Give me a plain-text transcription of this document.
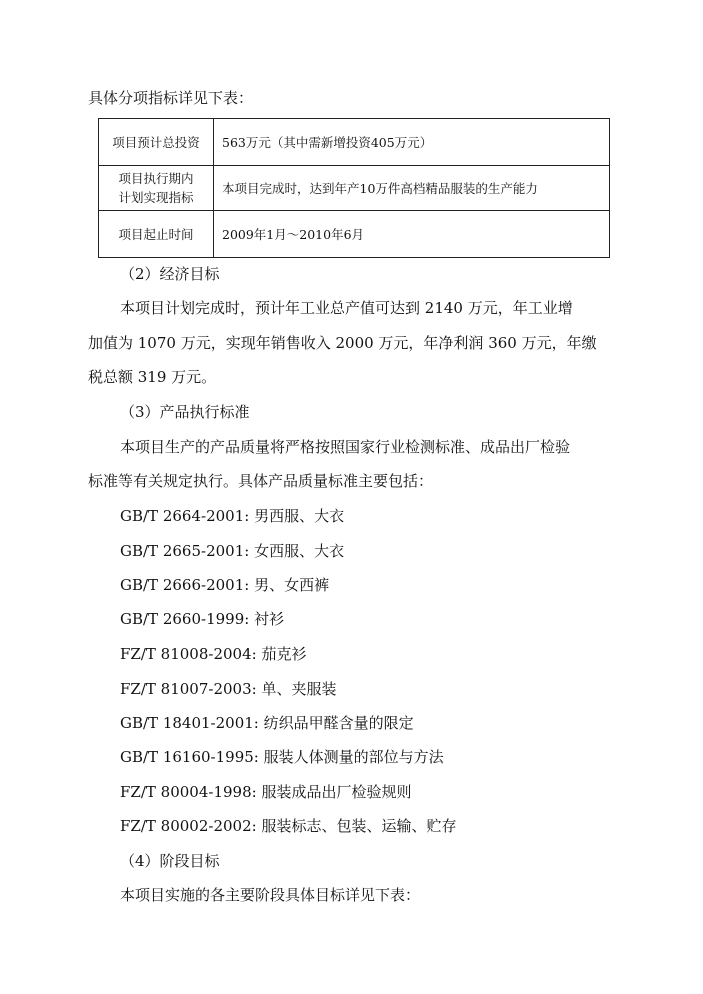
具体分项指标详见下表：

项目预计总投资	563万元（其中需新增投资405万元）

项目执行期内
计划实现指标	本项目完成时，达到年产10万件高档精品服装的生产能力
项目起止时间	2009年1月～2010年6月

（2）经济目标

本项目计划完成时，预计年工业总产值可达到 2140 万元，年工业增

加值为 1070 万元，实现年销售收入 2000 万元，年净利润 360 万元，年缴

税总额 319 万元。

（3）产品执行标准

本项目生产的产品质量将严格按照国家行业检测标准、成品出厂检验

标准等有关规定执行。具体产品质量标准主要包括：

GB/T 2664-2001: 男西服、大衣

GB/T 2665-2001: 女西服、大衣

GB/T 2666-2001: 男、女西裤

GB/T 2660-1999: 衬衫

FZ/T 81008-2004: 茄克衫

FZ/T 81007-2003: 单、夹服装

GB/T 18401-2001: 纺织品甲醛含量的限定

GB/T 16160-1995: 服装人体测量的部位与方法

FZ/T 80004-1998: 服装成品出厂检验规则

FZ/T 80002-2002: 服装标志、包装、运输、贮存

（4）阶段目标

本项目实施的各主要阶段具体目标详见下表：
